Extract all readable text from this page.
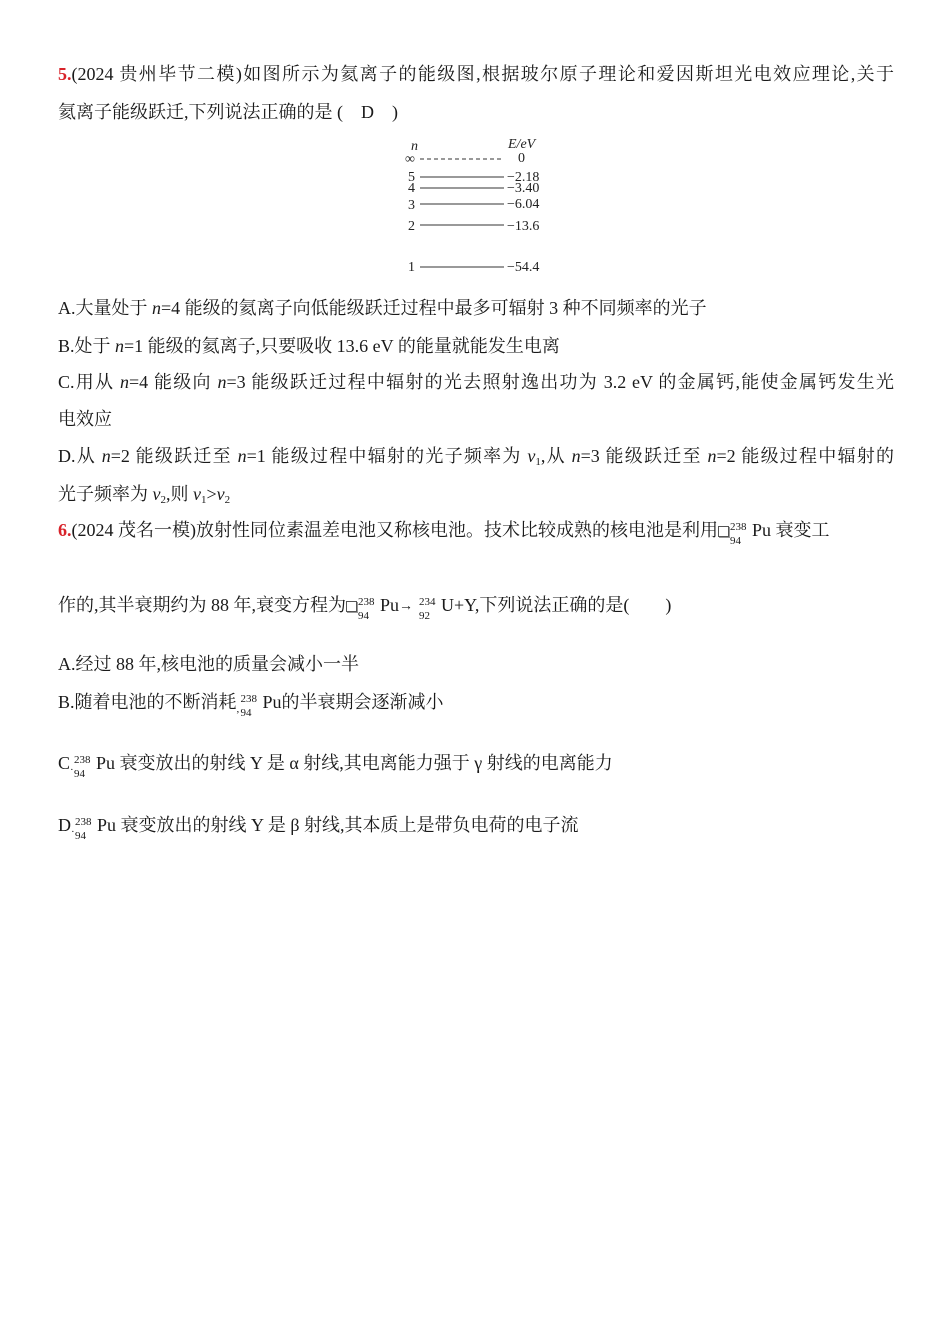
5.(2024 贵州毕节二模)如图所示为氦离子的能级图,根据玻尔原子理论和爱因斯坦光电效应理论,关于
氦离子能级跃迁,下列说法正确的是 (　D　)
n	E/eV
∞	0
5	−2.18
4	−3.40
3	−6.04
2	−13.6
1	−54.4
A.大量处于 n=4 能级的氦离子向低能级跃迁过程中最多可辐射 3 种不同频率的光子
B.处于 n=1 能级的氦离子,只要吸收 13.6 eV 的能量就能发生电离
C.用从 n=4 能级向 n=3 能级跃迁过程中辐射的光去照射逸出功为 3.2 eV 的金属钙,能使金属钙发生光
电效应
D.从 n=2 能级跃迁至 n=1 能级过程中辐射的光子频率为 $v_1$,从 n=3 能级跃迁至 n=2 能级过程中辐射的
光子频率为 $v_2$,则 $v_1>v_2$
6.(2024 茂名一模)放射性同位素温差电池又称核电池。技术比较成熟的核电池是利用 238
94
Pu 衰变工
作的,其半衰期约为 88 年,衰变方程为 238
94
Pu → 234
92
U+Y,下列说法正确的是(　　)
A.经过 88 年,核电池的质量会减小一半
B.随着电池的不断消耗 ,
238
94
Pu的半衰期会逐渐减小
C ·
238
94
Pu 衰变放出的射线 Y 是 α 射线,其电离能力强于 γ 射线的电离能力
D ·
238
94
Pu 衰变放出的射线 Y 是 β 射线,其本质上是带负电荷的电子流
